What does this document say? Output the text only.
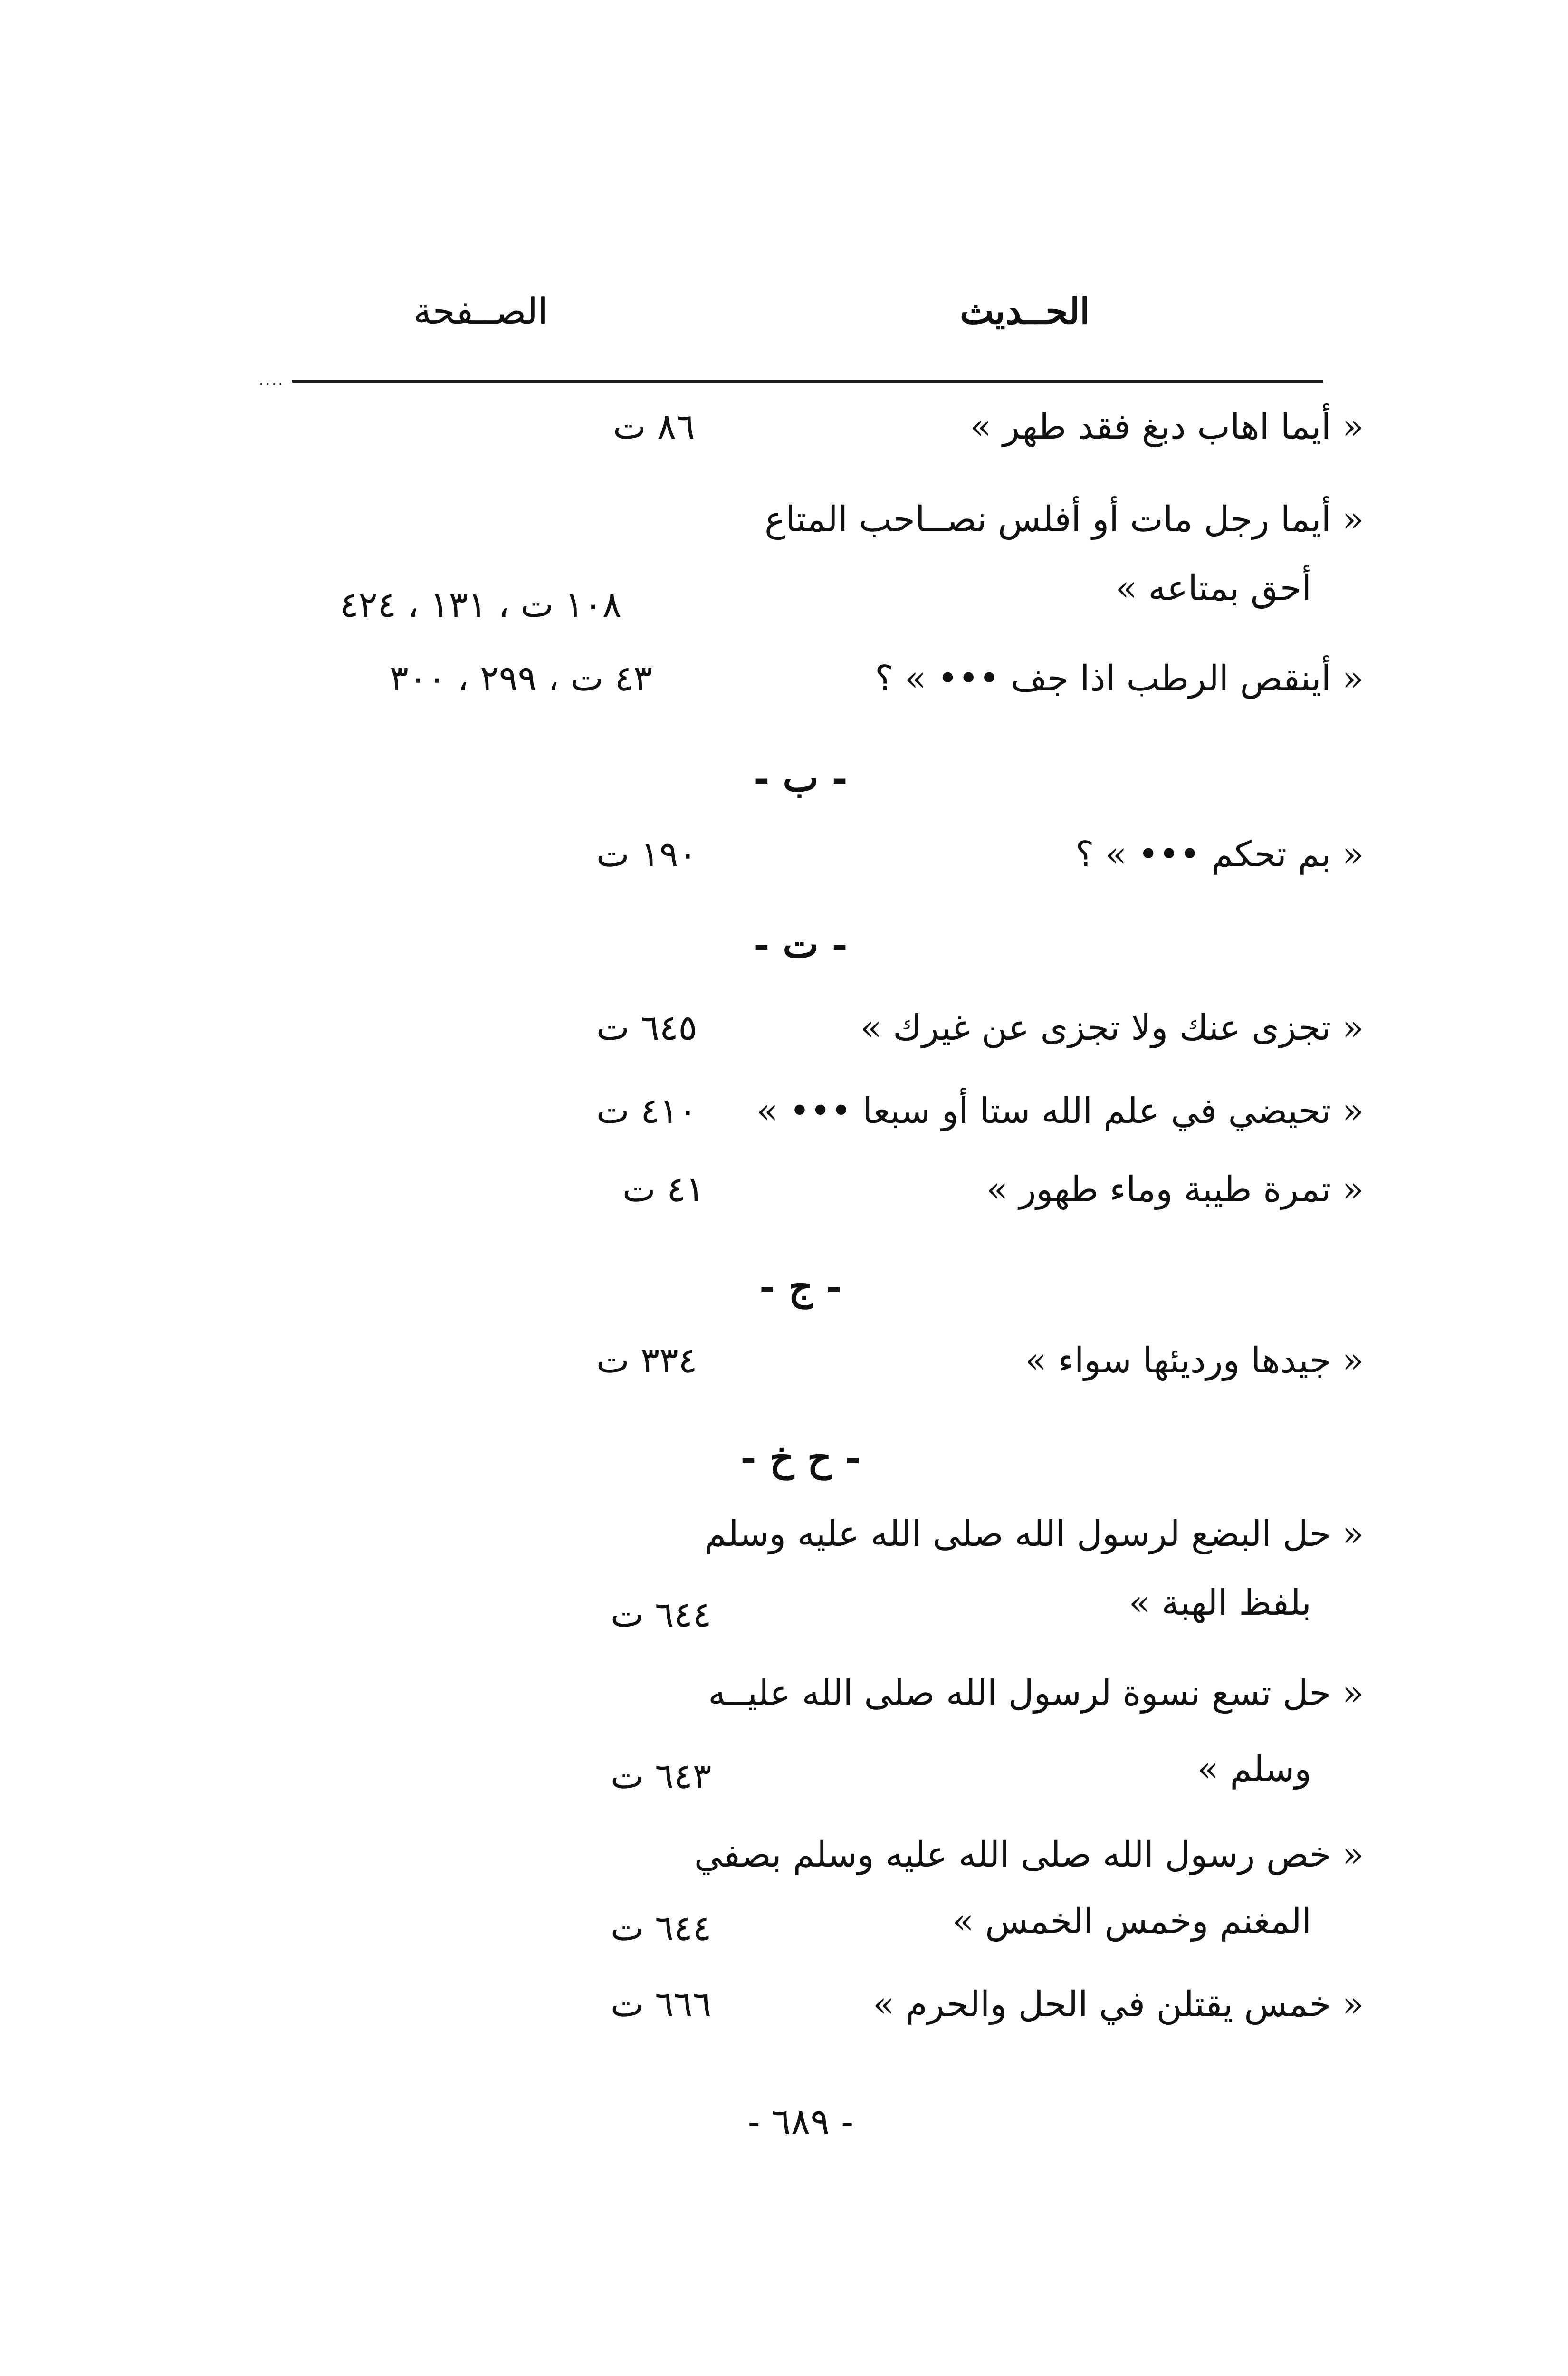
الحــديث
الصــفحة
....
« أيما اهاب دبغ فقد طهر »
٨٦ ت
« أيما رجل مات أو أفلس نصــاحب المتاع
أحق بمتاعه »
١٠٨ ت ، ١٣١ ، ٤٢٤
« أينقص الرطب اذا جف ••• » ؟
٤٣ ت ، ٢٩٩ ، ٣٠٠
- ب -
« بم تحكم ••• » ؟
١٩٠ ت
- ت -
« تجزى عنك ولا تجزى عن غيرك »
٦٤٥ ت
« تحيضي في علم الله ستا أو سبعا ••• »
٤١٠ ت
« تمرة طيبة وماء طهور »
٤١ ت
- ج -
« جيدها ورديئها سواء »
٣٣٤ ت
- ح خ -
« حل البضع لرسول الله صلى الله عليه وسلم
بلفظ الهبة »
٦٤٤ ت
« حل تسع نسوة لرسول الله صلى الله عليــه
وسلم »
٦٤٣ ت
« خص رسول الله صلى الله عليه وسلم بصفي
المغنم وخمس الخمس »
٦٤٤ ت
« خمس يقتلن في الحل والحرم »
٦٦٦ ت
- ٦٨٩ -
